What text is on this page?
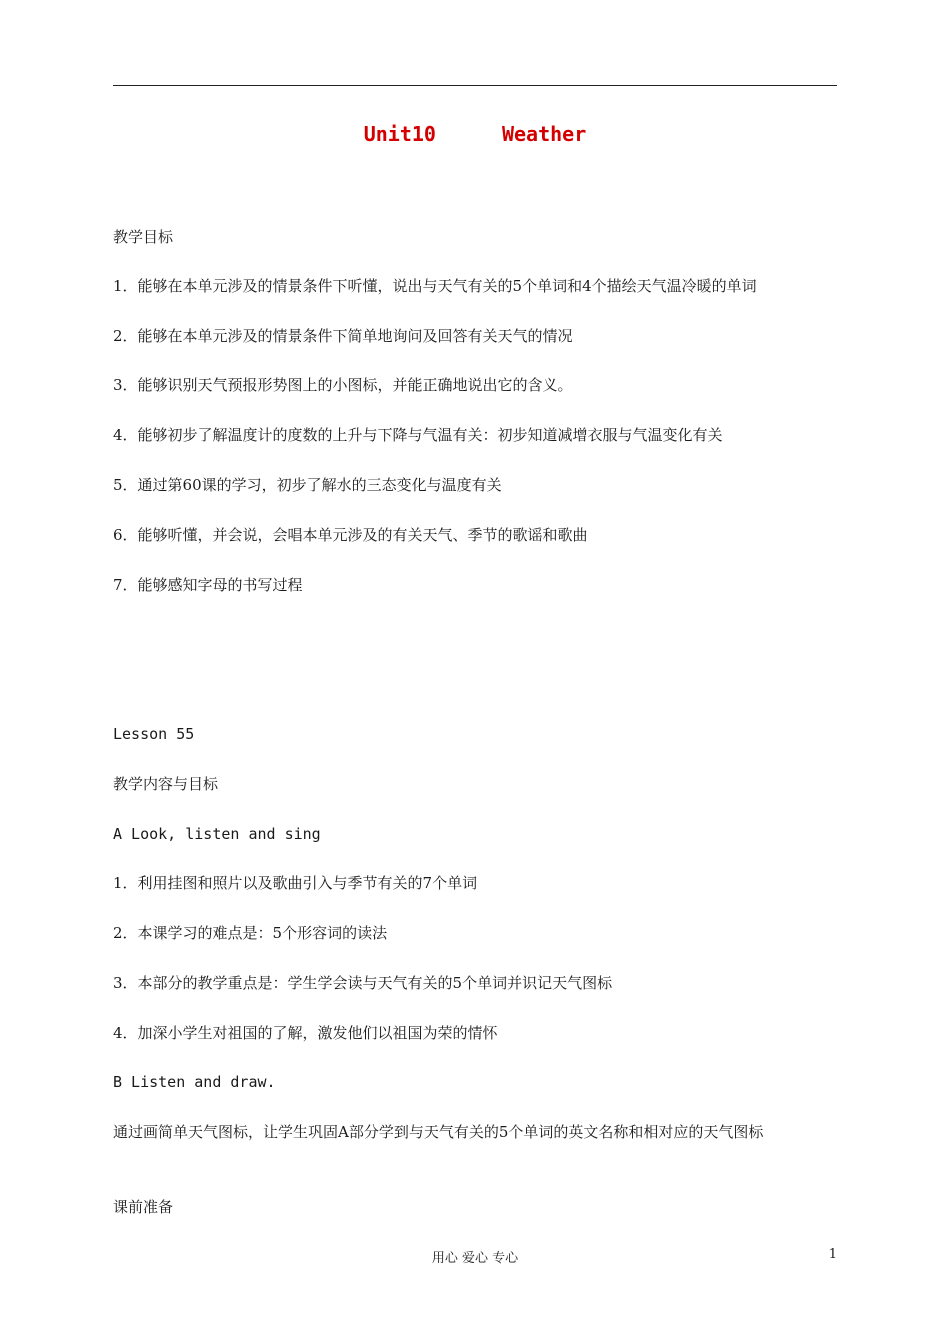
Unit10	Weather
教学目标
1．能够在本单元涉及的情景条件下听懂，说出与天气有关的5个单词和4个描绘天气温冷暖的单词
2．能够在本单元涉及的情景条件下简单地询问及回答有关天气的情况
3．能够识别天气预报形势图上的小图标，并能正确地说出它的含义。
4．能够初步了解温度计的度数的上升与下降与气温有关：初步知道减增衣服与气温变化有关
5．通过第60课的学习，初步了解水的三态变化与温度有关
6．能够听懂，并会说，会唱本单元涉及的有关天气、季节的歌谣和歌曲
7．能够感知字母的书写过程
Lesson 55
教学内容与目标
A Look, listen and sing
1．利用挂图和照片以及歌曲引入与季节有关的7个单词
2．本课学习的难点是：5个形容词的读法
3．本部分的教学重点是：学生学会读与天气有关的5个单词并识记天气图标
4．加深小学生对祖国的了解，激发他们以祖国为荣的情怀
B Listen and draw.
通过画简单天气图标，让学生巩固A部分学到与天气有关的5个单词的英文名称和相对应的天气图标
课前准备
用心 爱心 专心	1
